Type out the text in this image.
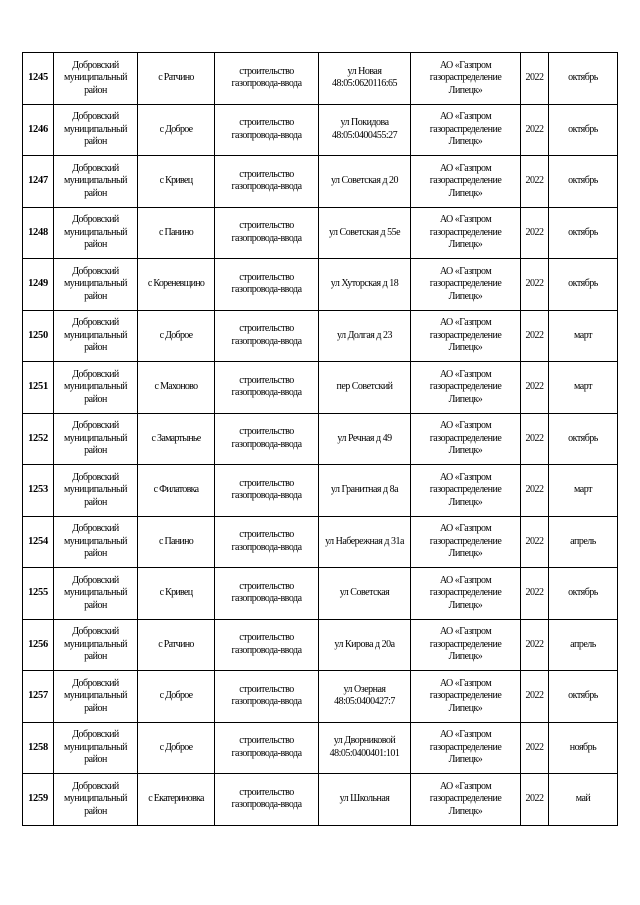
1245	Добровский муниципальный район	с Ратчино	строительство газопровода-ввода	ул Новая 48:05:0620116:65	АО «Газпром газораспределение Липецк»	2022	октябрь
1246	Добровский муниципальный район	с Доброе	строительство газопровода-ввода	ул Покидова 48:05:0400455:27	АО «Газпром газораспределение Липецк»	2022	октябрь
1247	Добровский муниципальный район	с Кривец	строительство газопровода-ввода	ул Советская д 20	АО «Газпром газораспределение Липецк»	2022	октябрь
1248	Добровский муниципальный район	с Панино	строительство газопровода-ввода	ул Советская д 55е	АО «Газпром газораспределение Липецк»	2022	октябрь
1249	Добровский муниципальный район	с Кореневщино	строительство газопровода-ввода	ул Хуторская д 18	АО «Газпром газораспределение Липецк»	2022	октябрь
1250	Добровский муниципальный район	с Доброе	строительство газопровода-ввода	ул Долгая д 23	АО «Газпром газораспределение Липецк»	2022	март
1251	Добровский муниципальный район	с Махоново	строительство газопровода-ввода	пер Советский	АО «Газпром газораспределение Липецк»	2022	март
1252	Добровский муниципальный район	с Замартынье	строительство газопровода-ввода	ул Речная д 49	АО «Газпром газораспределение Липецк»	2022	октябрь
1253	Добровский муниципальный район	с Филатовка	строительство газопровода-ввода	ул Гранитная д 8а	АО «Газпром газораспределение Липецк»	2022	март
1254	Добровский муниципальный район	с Панино	строительство газопровода-ввода	ул Набережная д 31а	АО «Газпром газораспределение Липецк»	2022	апрель
1255	Добровский муниципальный район	с Кривец	строительство газопровода-ввода	ул Советская	АО «Газпром газораспределение Липецк»	2022	октябрь
1256	Добровский муниципальный район	с Ратчино	строительство газопровода-ввода	ул Кирова д 20а	АО «Газпром газораспределение Липецк»	2022	апрель
1257	Добровский муниципальный район	с Доброе	строительство газопровода-ввода	ул Озерная 48:05:0400427:7	АО «Газпром газораспределение Липецк»	2022	октябрь
1258	Добровский муниципальный район	с Доброе	строительство газопровода-ввода	ул Дворниковой 48:05:0400401:101	АО «Газпром газораспределение Липецк»	2022	ноябрь
1259	Добровский муниципальный район	с Екатериновка	строительство газопровода-ввода	ул Школьная	АО «Газпром газораспределение Липецк»	2022	май
